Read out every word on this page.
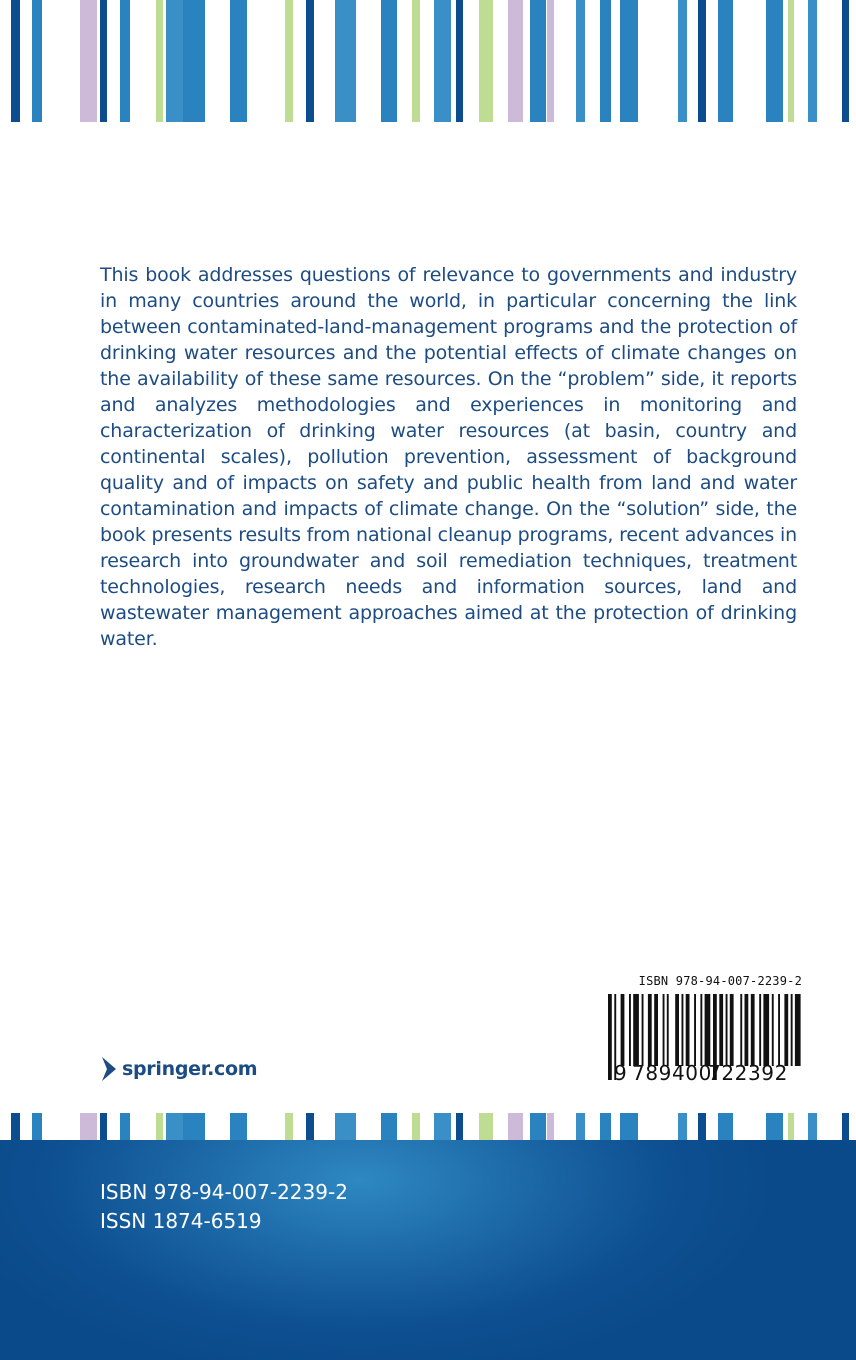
This book addresses questions of relevance to governments and industry in many countries around the world, in particular concerning the link between contaminated-land-management programs and the protection of drinking water resources and the potential effects of climate changes on the availability of these same resources. On the “problem” side, it reports and analyzes methodologies and experiences in monitoring and characterization of drinking water resources (at basin, country and continental scales), pollution prevention, assessment of background quality and of impacts on safety and public health from land and water contamination and impacts of climate change. On the “solution” side, the book presents results from national cleanup programs, recent advances in research into groundwater and soil remediation techniques, treatment technologies, research needs and information sources, land and wastewater management approaches aimed at the protection of drinking water.

ISBN 978-94-007-2239-2
9 789400
722392
springer.com
ISBN 978-94-007-2239-2
ISSN 1874-6519
